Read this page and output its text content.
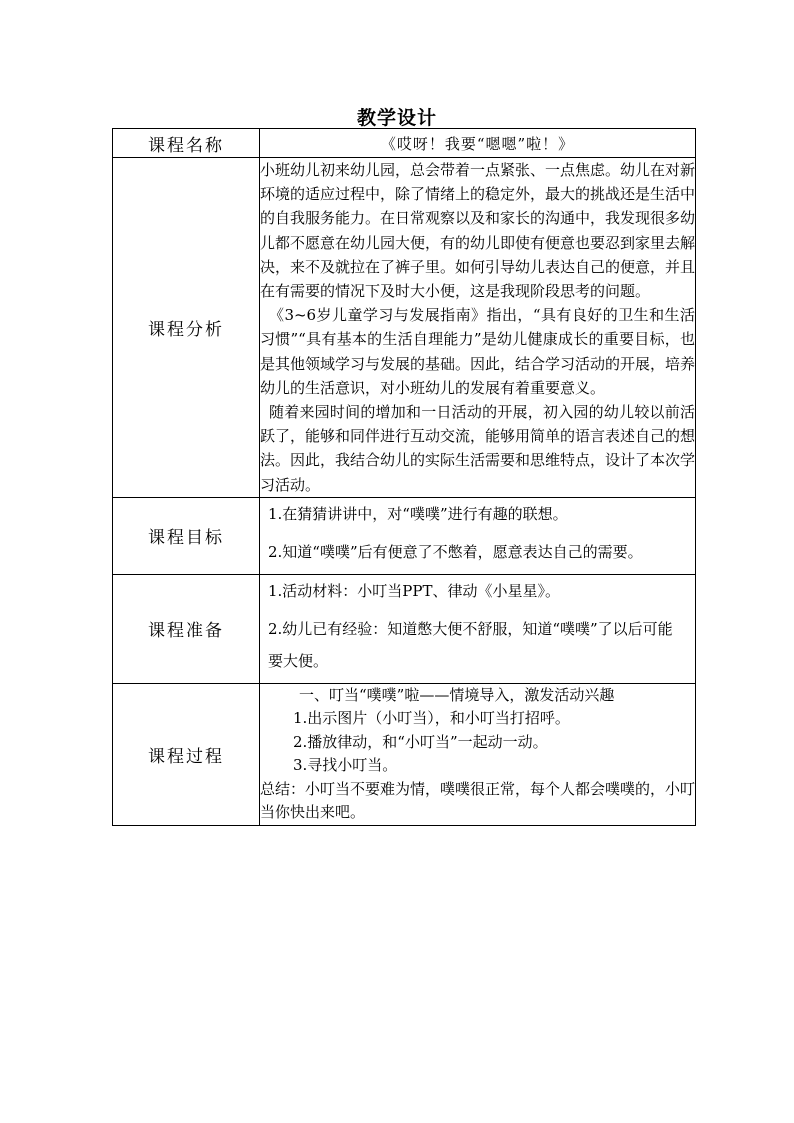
教学设计
课程名称	《哎呀！我要“嗯嗯”啦！》
课程分析	小班幼儿初来幼儿园，总会带着一点紧张、一点焦虑。幼儿在对新环境的适应过程中，除了情绪上的稳定外，最大的挑战还是生活中的自我服务能力。在日常观察以及和家长的沟通中，我发现很多幼儿都不愿意在幼儿园大便，有的幼儿即使有便意也要忍到家里去解决，来不及就拉在了裤子里。如何引导幼儿表达自己的便意，并且在有需要的情况下及时大小便，这是我现阶段思考的问题。

《3~6岁儿童学习与发展指南》指出，“具有良好的卫生和生活习惯”“具有基本的生活自理能力”是幼儿健康成长的重要目标，也是其他领域学习与发展的基础。因此，结合学习活动的开展，培养幼儿的生活意识，对小班幼儿的发展有着重要意义。

随着来园时间的增加和一日活动的开展，初入园的幼儿较以前活跃了，能够和同伴进行互动交流，能够用简单的语言表述自己的想法。因此，我结合幼儿的实际生活需要和思维特点，设计了本次学习活动。

课程目标	1.在猜猜讲讲中，对“噗噗”进行有趣的联想。

2.知道“噗噗”后有便意了不憋着，愿意表达自己的需要。

课程准备	1.活动材料：小叮当PPT、律动《小星星》。

2.幼儿已有经验：知道憋大便不舒服，知道“噗噗”了以后可能要大便。

课程过程	一、叮当“噗噗”啦——情境导入，激发活动兴趣

1.出示图片（小叮当），和小叮当打招呼。

2.播放律动，和“小叮当”一起动一动。

3.寻找小叮当。

总结：小叮当不要难为情，噗噗很正常，每个人都会噗噗的，小叮当你快出来吧。
